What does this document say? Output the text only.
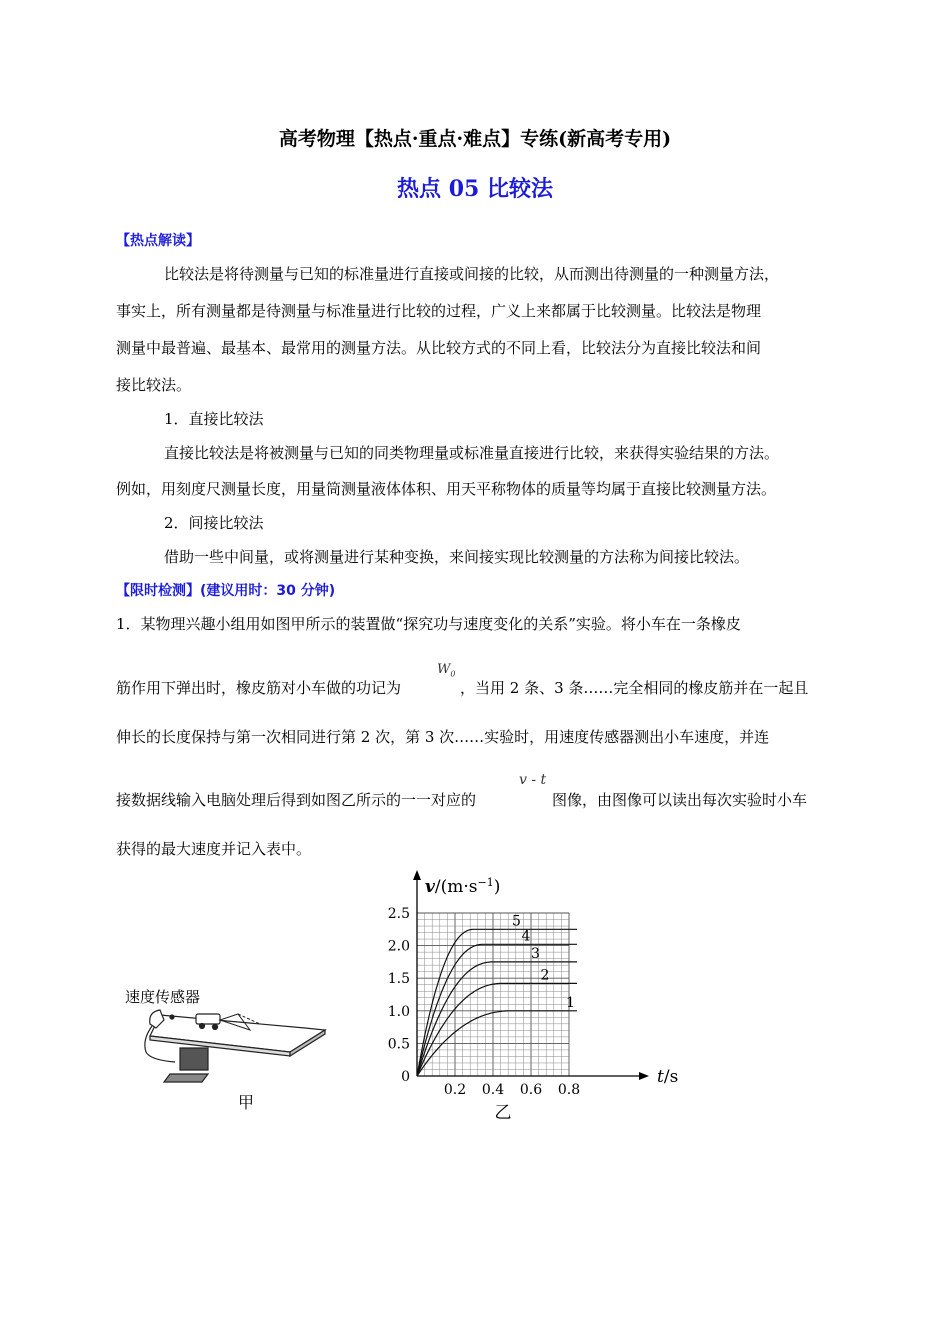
高考物理【热点·重点·难点】专练(新高考专用)
热点 05 比较法
【热点解读】
比较法是将待测量与已知的标准量进行直接或间接的比较，从而测出待测量的一种测量方法，
事实上，所有测量都是待测量与标准量进行比较的过程，广义上来都属于比较测量。比较法是物理
测量中最普遍、最基本、最常用的测量方法。从比较方式的不同上看，比较法分为直接比较法和间
接比较法。
1．直接比较法
直接比较法是将被测量与已知的同类物理量或标准量直接进行比较，来获得实验结果的方法。
例如，用刻度尺测量长度，用量筒测量液体体积、用天平称物体的质量等均属于直接比较测量方法。
2．间接比较法
借助一些中间量，或将测量进行某种变换，来间接实现比较测量的方法称为间接比较法。
【限时检测】(建议用时：30 分钟)
1．某物理兴趣小组用如图甲所示的装置做“探究功与速度变化的关系”实验。将小车在一条橡皮
筋作用下弹出时，橡皮筋对小车做的功记为
$W_0$
，当用 2 条、3 条……完全相同的橡皮筋并在一起且
伸长的长度保持与第一次相同进行第 2 次，第 3 次……实验时，用速度传感器测出小车速度，并连
接数据线输入电脑处理后得到如图乙所示的一一对应的
v - t
图像，由图像可以读出每次实验时小车
获得的最大速度并记入表中。
速度传感器
甲
0
0.5
1.0
1.5
2.0
2.5
0.2 0.4 0.6 0.8
t/s
$v/(m\cdot s^{-1})$
乙
1
2
3
4
5
